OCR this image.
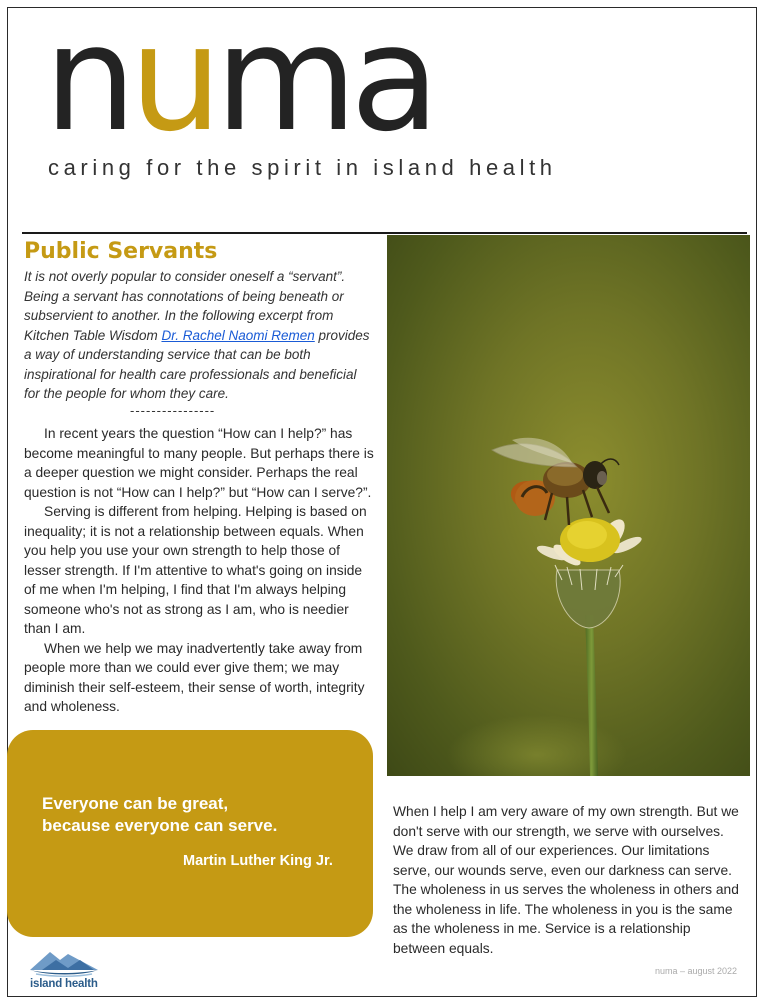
numa
caring for the spirit in island health
Public Servants
It is not overly popular to consider oneself a “servant”. Being a servant has connotations of being beneath or subservient to another. In the following excerpt from Kitchen Table Wisdom Dr. Rachel Naomi Remen provides a way of understanding service that can be both inspirational for health care professionals and beneficial for the people for whom they care.
----------------

In recent years the question “How can I help?” has become meaningful to many people. But perhaps there is a deeper question we might consider. Perhaps the real question is not “How can I help?” but “How can I serve?”.

Serving is different from helping. Helping is based on inequality; it is not a relationship between equals. When you help you use your own strength to help those of lesser strength. If I'm attentive to what's going on inside of me when I'm helping, I find that I'm always helping someone who's not as strong as I am, who is needier than I am.

When we help we may inadvertently take away from people more than we could ever give them; we may diminish their self-esteem, their sense of worth, integrity and wholeness.

Everyone can be great,
because everyone can serve.
Martin Luther King Jr.
When I help I am very aware of my own strength. But we don't serve with our strength, we serve with ourselves. We draw from all of our experiences. Our limitations serve, our wounds serve, even our darkness can serve. The wholeness in us serves the wholeness in others and the wholeness in life. The wholeness in you is the same as the wholeness in me. Service is a relationship between equals.
island health
numa – august 2022
